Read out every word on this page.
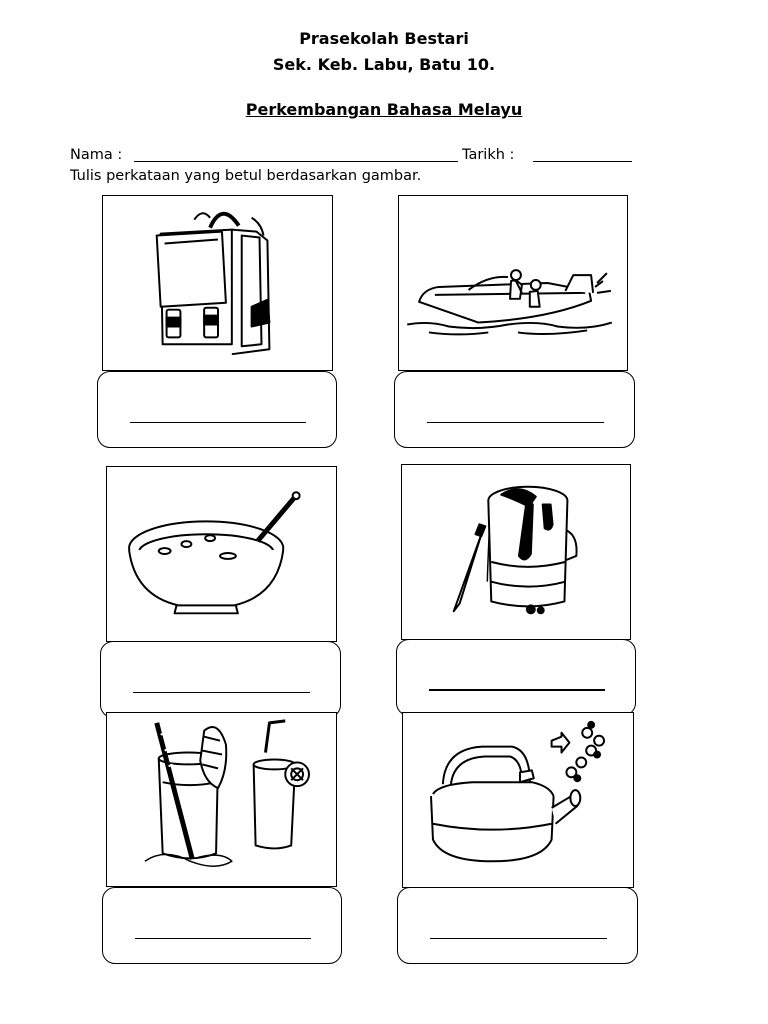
Prasekolah Bestari
Sek. Keb. Labu, Batu 10.
Perkembangan Bahasa Melayu
Nama :	Tarikh :
Tulis perkataan yang betul berdasarkan gambar.
